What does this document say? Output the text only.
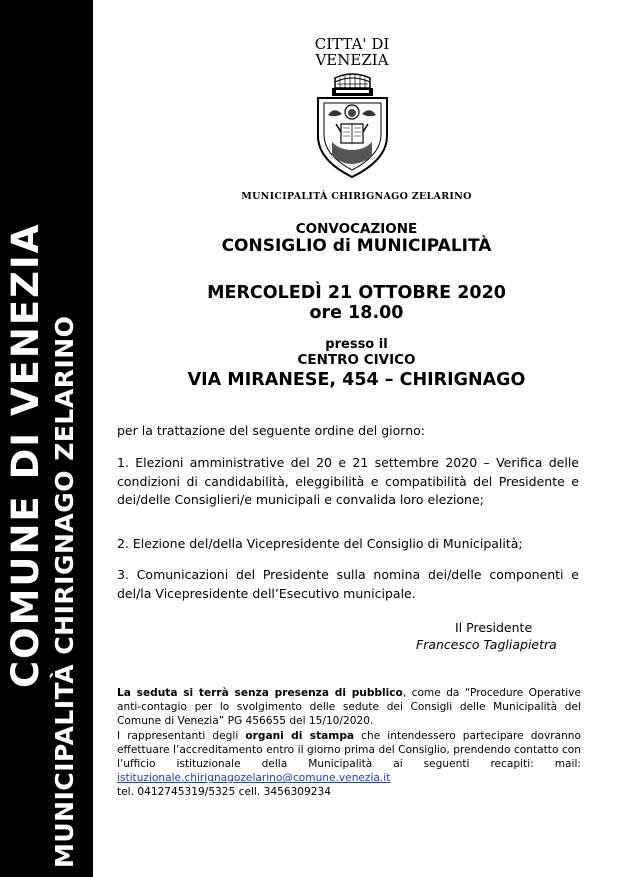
COMUNE DI VENEZIA MUNICIPALITÀ CHIRIGNAGO ZELARINO
CITTA' DI
VENEZIA
MUNICIPALITÀ CHIRIGNAGO ZELARINO
CONVOCAZIONE
CONSIGLIO di MUNICIPALITÀ
MERCOLEDÌ 21 OTTOBRE 2020
ore 18.00
presso il
CENTRO CIVICO
VIA MIRANESE, 454 – CHIRIGNAGO
per la trattazione del seguente ordine del giorno:
1. Elezioni amministrative del 20 e 21 settembre 2020 – Verifica delle condizioni di candidabilità, eleggibilità e compatibilità del Presidente e dei/delle Consiglieri/e municipali e convalida loro elezione;
2. Elezione del/della Vicepresidente del Consiglio di Municipalità;
3. Comunicazioni del Presidente sulla nomina dei/delle componenti e del/la Vicepresidente dell’Esecutivo municipale.
Il Presidente
Francesco Tagliapietra
La seduta si terrà senza presenza di pubblico, come da “Procedure Operative anti-contagio per lo svolgimento delle sedute dei Consigli delle Municipalità del Comune di Venezia” PG 456655 del 15/10/2020.
I rappresentanti degli organi di stampa che intendessero partecipare dovranno effettuare l’accreditamento entro il giorno prima del Consiglio, prendendo contatto con l’ufficio istituzionale della Municipalità ai seguenti recapiti: mail: istituzionale.chirignagozelarino@comune.venezia.it
tel. 0412745319/5325 cell. 3456309234
